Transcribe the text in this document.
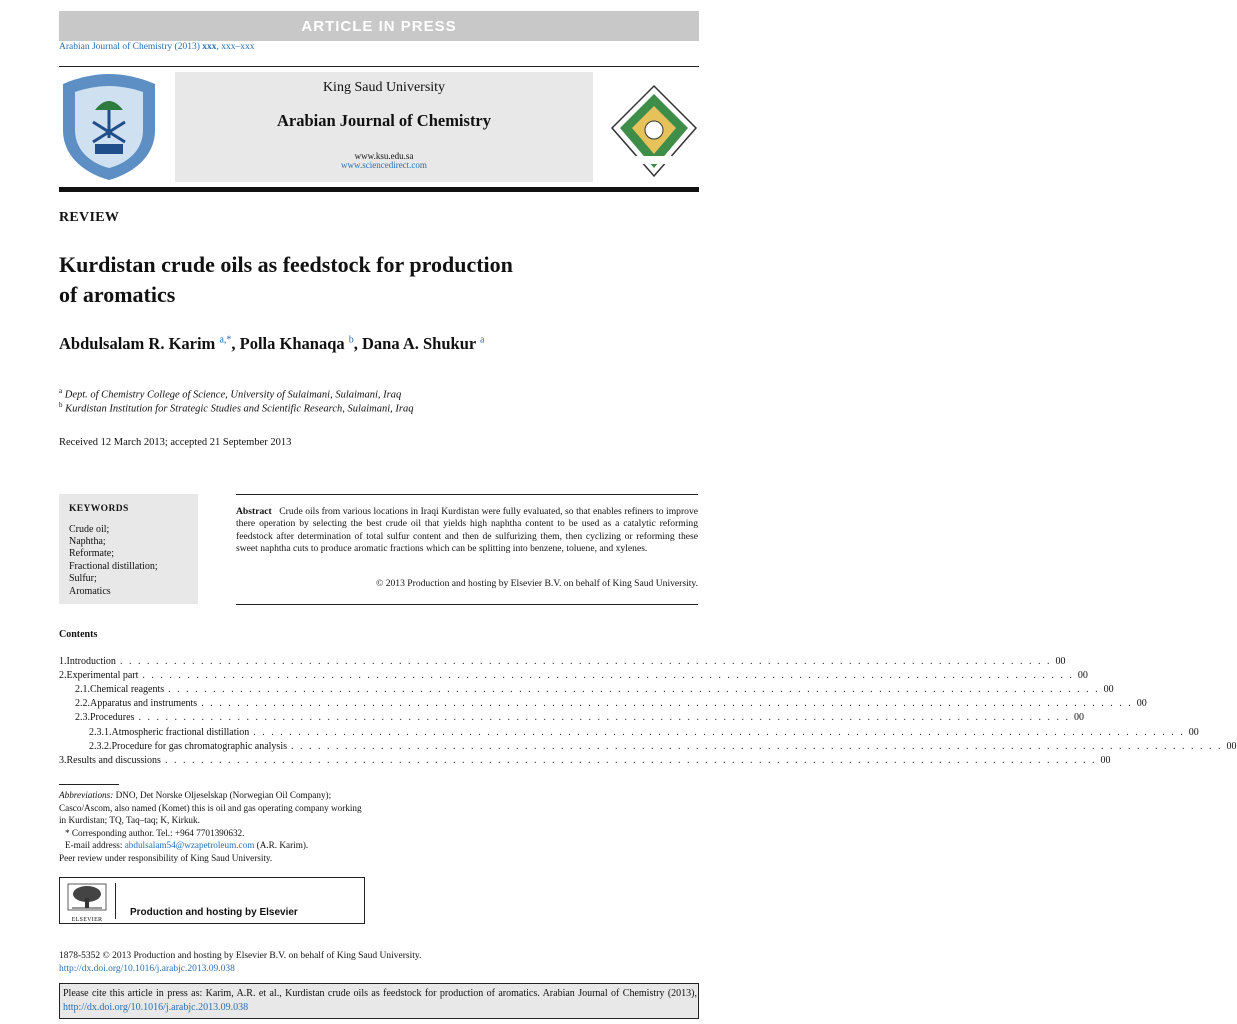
ARTICLE IN PRESS
Arabian Journal of Chemistry (2013) xxx, xxx–xxx
King Saud University
Arabian Journal of Chemistry
www.ksu.edu.sa
www.sciencedirect.com
REVIEW
Kurdistan crude oils as feedstock for production
of aromatics
Abdulsalam R. Karim $^{a,*}$, Polla Khanaqa $^b$, Dana A. Shukur $^a$
$^a$ Dept. of Chemistry College of Science, University of Sulaimani, Sulaimani, Iraq
$^b$ Kurdistan Institution for Strategic Studies and Scientific Research, Sulaimani, Iraq
Received 12 March 2013; accepted 21 September 2013
KEYWORDS
Crude oil;
Naphtha;
Reformate;
Fractional distillation;
Sulfur;
Aromatics
Abstract Crude oils from various locations in Iraqi Kurdistan were fully evaluated, so that enables refiners to improve there operation by selecting the best crude oil that yields high naphtha content to be used as a catalytic reforming feedstock after determination of total sulfur content and then de sulfurizing them, then cyclizing or reforming these sweet naphtha cuts to produce aromatic fractions which can be splitting into benzene, toluene, and xylenes.
© 2013 Production and hosting by Elsevier B.V. on behalf of King Saud University.
Contents
1. Introduction . . . . . . . . . . . . . . . . . . . . . . . . . . . . . . . . . . . . . . . . . . . . . . . . . . . . . . . . . . . . . . . . . . . . . . . . . . . . . . . . . . . . . . . . . . . . . . . . . . . . . . . . 00
2. Experimental part . . . . . . . . . . . . . . . . . . . . . . . . . . . . . . . . . . . . . . . . . . . . . . . . . . . . . . . . . . . . . . . . . . . . . . . . . . . . . . . . . . . . . . . . . . . . . . . . . . . . . . . . 00
2.1. Chemical reagents . . . . . . . . . . . . . . . . . . . . . . . . . . . . . . . . . . . . . . . . . . . . . . . . . . . . . . . . . . . . . . . . . . . . . . . . . . . . . . . . . . . . . . . . . . . . . . . . . . . . . . . . 00
2.2. Apparatus and instruments . . . . . . . . . . . . . . . . . . . . . . . . . . . . . . . . . . . . . . . . . . . . . . . . . . . . . . . . . . . . . . . . . . . . . . . . . . . . . . . . . . . . . . . . . . . . . . . . . . . . . . . . 00
2.3. Procedures . . . . . . . . . . . . . . . . . . . . . . . . . . . . . . . . . . . . . . . . . . . . . . . . . . . . . . . . . . . . . . . . . . . . . . . . . . . . . . . . . . . . . . . . . . . . . . . . . . . . . . . . 00
2.3.1. Atmospheric fractional distillation . . . . . . . . . . . . . . . . . . . . . . . . . . . . . . . . . . . . . . . . . . . . . . . . . . . . . . . . . . . . . . . . . . . . . . . . . . . . . . . . . . . . . . . . . . . . . . . . . . . . . . . . 00
2.3.2. Procedure for gas chromatographic analysis . . . . . . . . . . . . . . . . . . . . . . . . . . . . . . . . . . . . . . . . . . . . . . . . . . . . . . . . . . . . . . . . . . . . . . . . . . . . . . . . . . . . . . . . . . . . . . . . . . . . . . . . 00
3. Results and discussions . . . . . . . . . . . . . . . . . . . . . . . . . . . . . . . . . . . . . . . . . . . . . . . . . . . . . . . . . . . . . . . . . . . . . . . . . . . . . . . . . . . . . . . . . . . . . . . . . . . . . . . . 00
Abbreviations: DNO, Det Norske Oljeselskap (Norwegian Oil Company); Casco/Ascom, also named (Komet) this is oil and gas operating company working in Kurdistan; TQ, Taq–taq; K, Kirkuk.
* Corresponding author. Tel.: +964 7701390632.
E-mail address: abdulsalam54@wzapetroleum.com (A.R. Karim).
Peer review under responsibility of King Saud University.
ELSEVIER
Production and hosting by Elsevier
1878-5352 © 2013 Production and hosting by Elsevier B.V. on behalf of King Saud University.
http://dx.doi.org/10.1016/j.arabjc.2013.09.038
Please cite this article in press as: Karim, A.R. et al., Kurdistan crude oils as feedstock for production of aromatics. Arabian Journal of Chemistry (2013), http://dx.doi.org/10.1016/j.arabjc.2013.09.038
